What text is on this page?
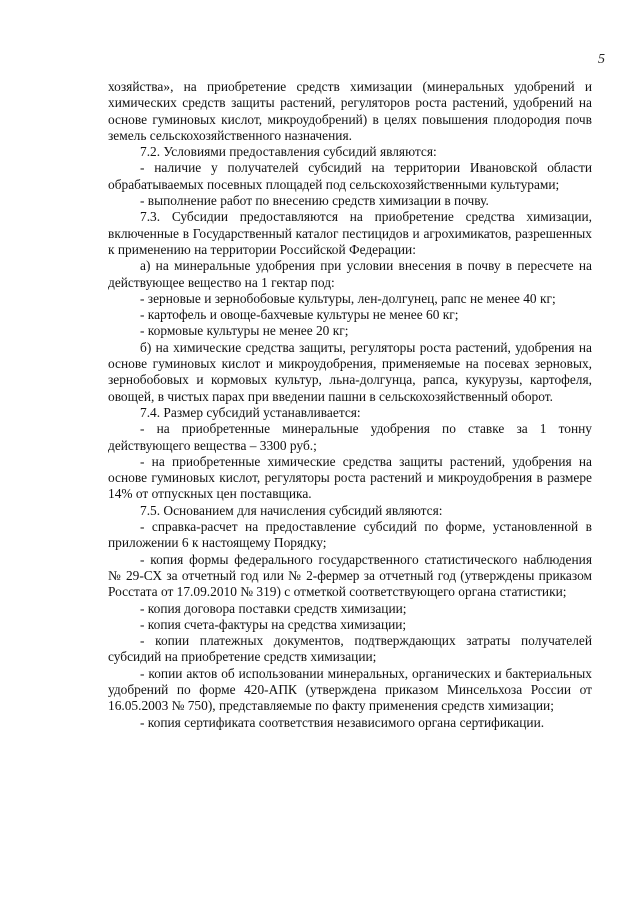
5

хозяйства», на приобретение средств химизации (минеральных удобрений и химических средств защиты растений, регуляторов роста растений, удобрений на основе гуминовых кислот, микроудобрений) в целях повышения плодородия почв земель сельскохозяйственного назначения.

7.2. Условиями предоставления субсидий являются:

- наличие у получателей субсидий на территории Ивановской области обрабатываемых посевных площадей под сельскохозяйственными культурами;

- выполнение работ по внесению средств химизации в почву.

7.3. Субсидии предоставляются на приобретение средства химизации, включенные в Государственный каталог пестицидов и агрохимикатов, разрешенных к применению на территории Российской Федерации:

а) на минеральные удобрения при условии внесения в почву в пересчете на действующее вещество на 1 гектар под:

- зерновые и зернобобовые культуры, лен-долгунец, рапс не менее 40 кг;

- картофель и овоще-бахчевые культуры не менее 60 кг;

- кормовые культуры не менее 20 кг;

б) на химические средства защиты, регуляторы роста растений, удобрения на основе гуминовых кислот и микроудобрения, применяемые на посевах зерновых, зернобобовых и кормовых культур, льна-долгунца, рапса, кукурузы, картофеля, овощей, в чистых парах при введении пашни в сельскохозяйственный оборот.

7.4. Размер субсидий устанавливается:

- на приобретенные минеральные удобрения по ставке за 1 тонну действующего вещества – 3300 руб.;

- на приобретенные химические средства защиты растений, удобрения на основе гуминовых кислот, регуляторы роста растений и микроудобрения в размере 14% от отпускных цен поставщика.

7.5. Основанием для начисления субсидий являются:

- справка-расчет на предоставление субсидий по форме, установленной в приложении 6 к настоящему Порядку;

- копия формы федерального государственного статистического наблюдения № 29-СХ за отчетный год или № 2-фермер за отчетный год (утверждены приказом Росстата от 17.09.2010 № 319) с отметкой соответствующего органа статистики;

- копия договора поставки средств химизации;

- копия счета-фактуры на средства химизации;

- копии платежных документов, подтверждающих затраты получателей субсидий на приобретение средств химизации;

- копии актов об использовании минеральных, органических и бактериальных удобрений по форме 420-АПК (утверждена приказом Минсельхоза России от 16.05.2003 № 750), представляемые по факту применения средств химизации;

- копия сертификата соответствия независимого органа сертификации.
